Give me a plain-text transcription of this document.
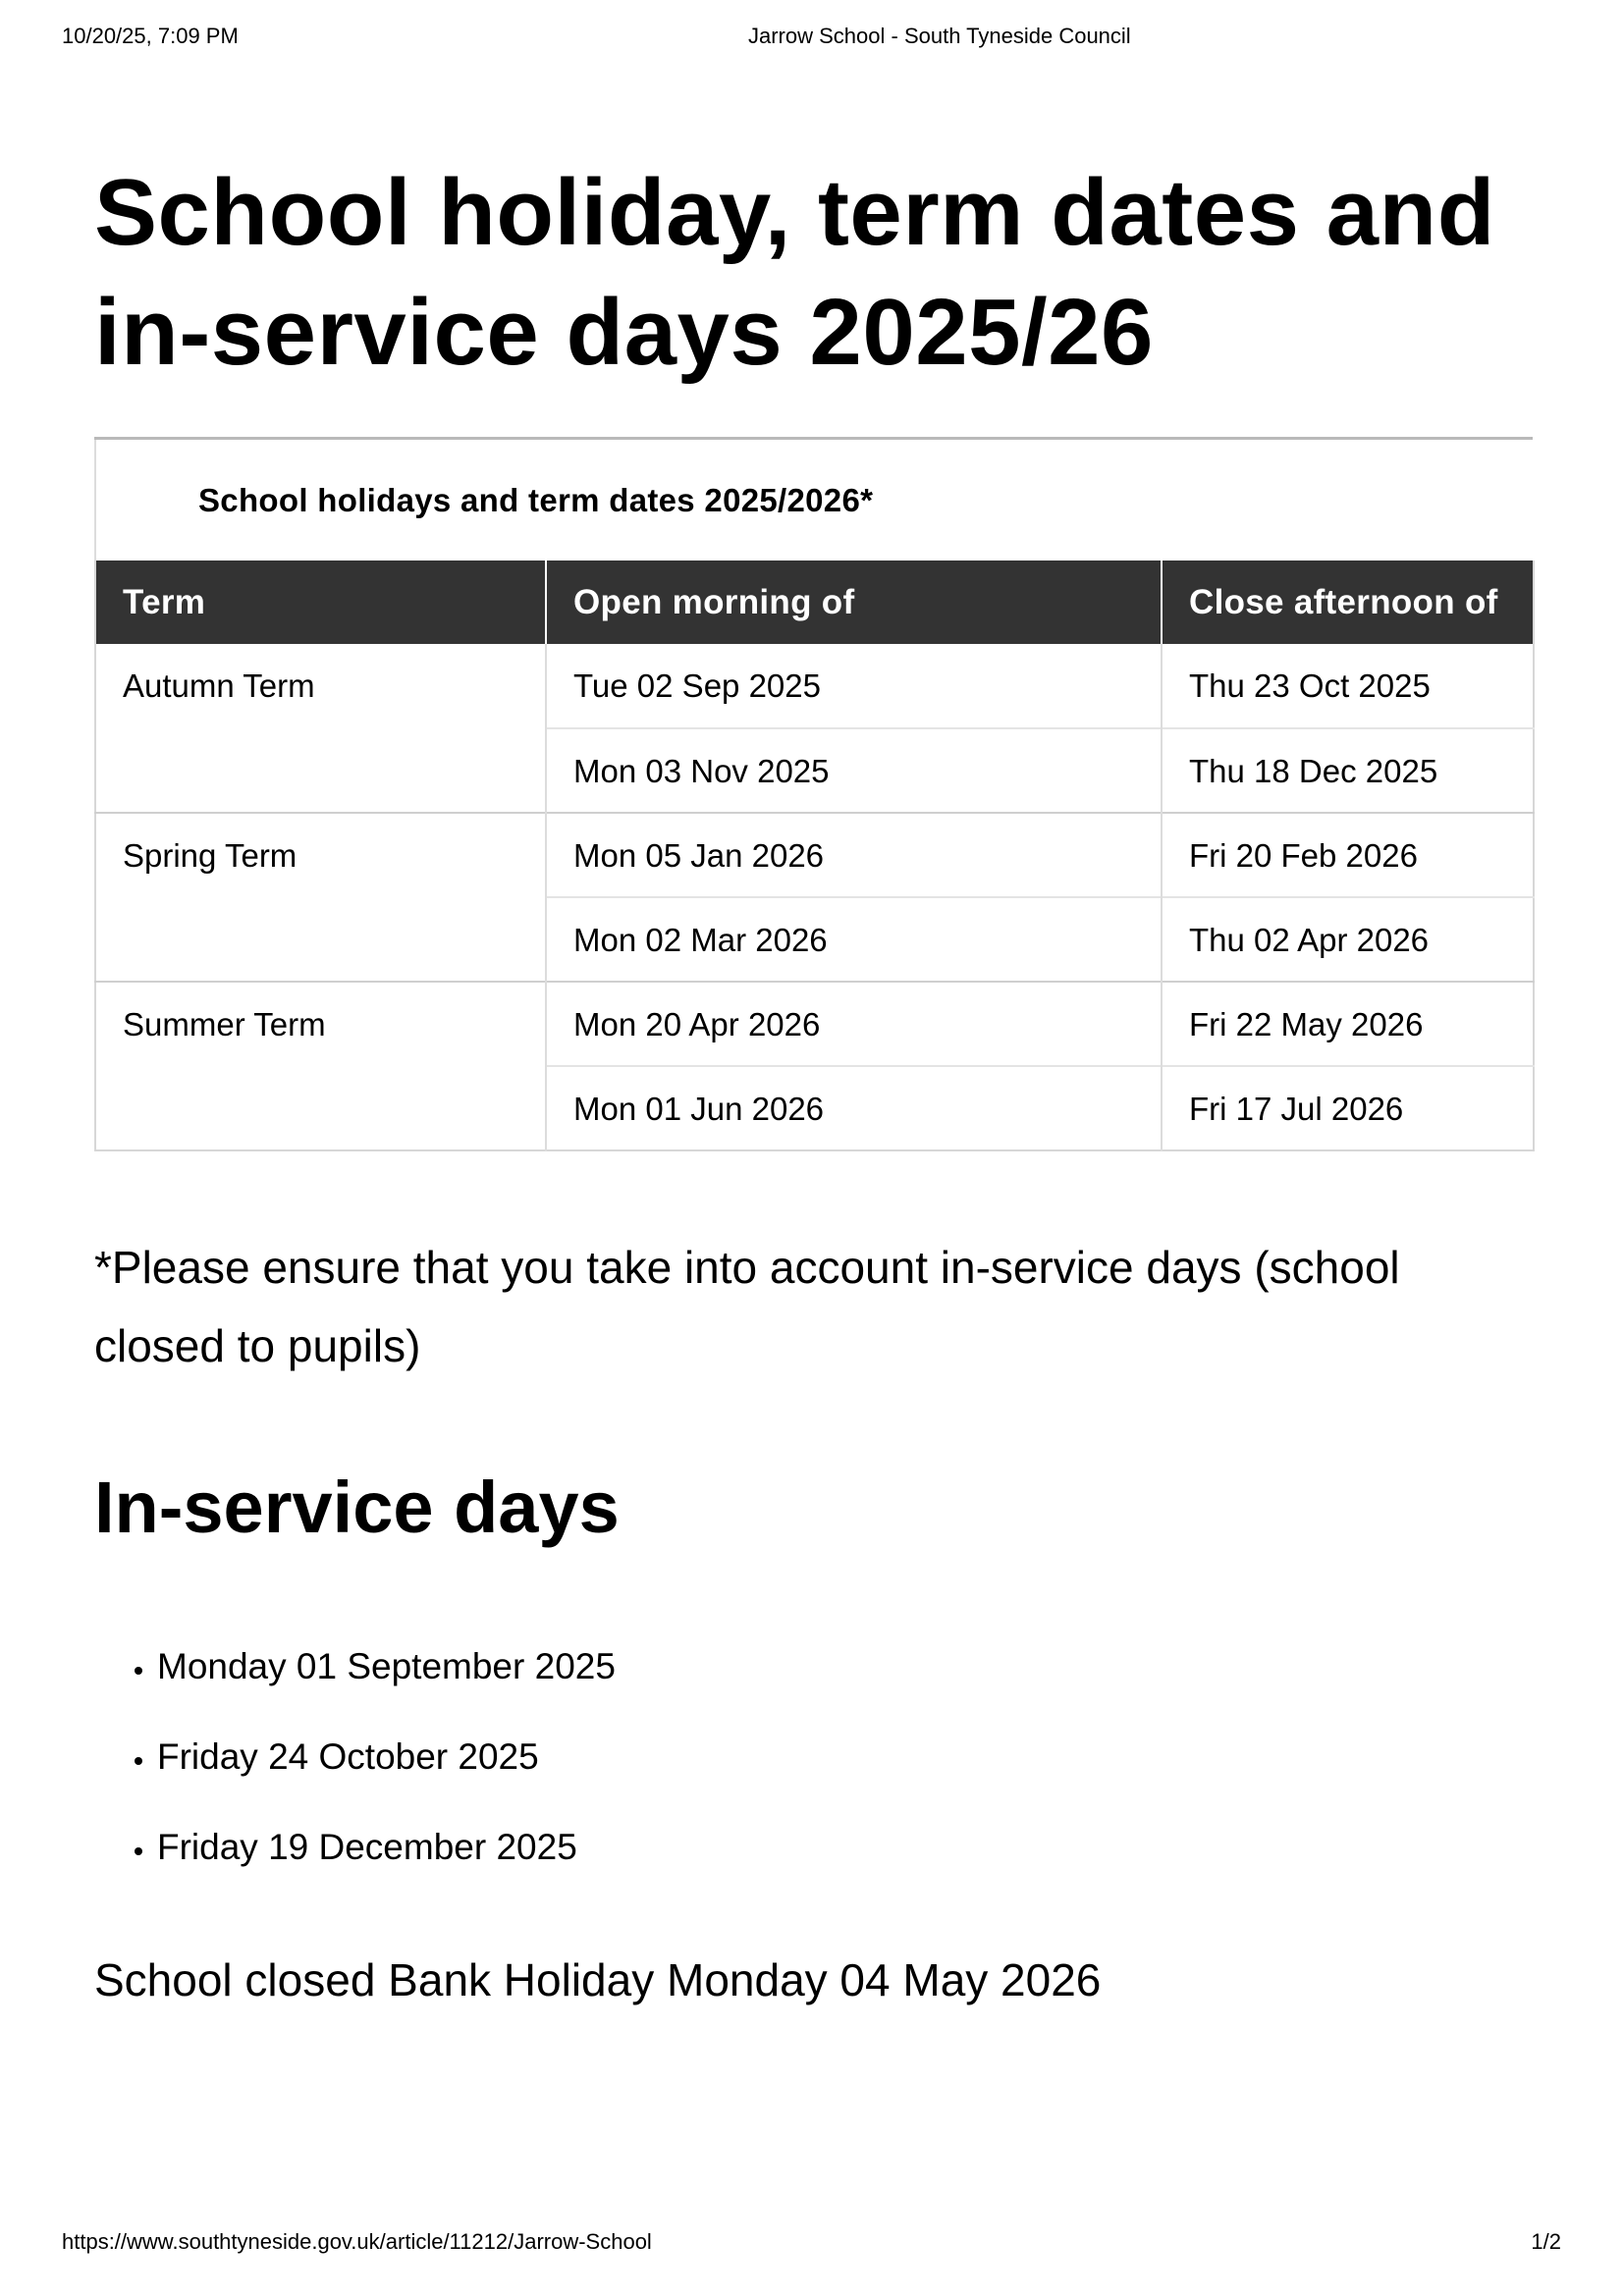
10/20/25, 7:09 PM	Jarrow School - South Tyneside Council
School holiday, term dates and in-service days 2025/26
School holidays and term dates 2025/2026*
Term	Open morning of	Close afternoon of
Autumn Term	Tue 02 Sep 2025	Thu 23 Oct 2025
	Mon 03 Nov 2025	Thu 18 Dec 2025
Spring Term	Mon 05 Jan 2026	Fri 20 Feb 2026
	Mon 02 Mar 2026	Thu 02 Apr 2026
Summer Term	Mon 20 Apr 2026	Fri 22 May 2026
	Mon 01 Jun 2026	Fri 17 Jul 2026

*Please ensure that you take into account in-service days (school closed to pupils)

In-service days
• Monday 01 September 2025
• Friday 24 October 2025
• Friday 19 December 2025

School closed Bank Holiday Monday 04 May 2026

https://www.southtyneside.gov.uk/article/11212/Jarrow-School	1/2
